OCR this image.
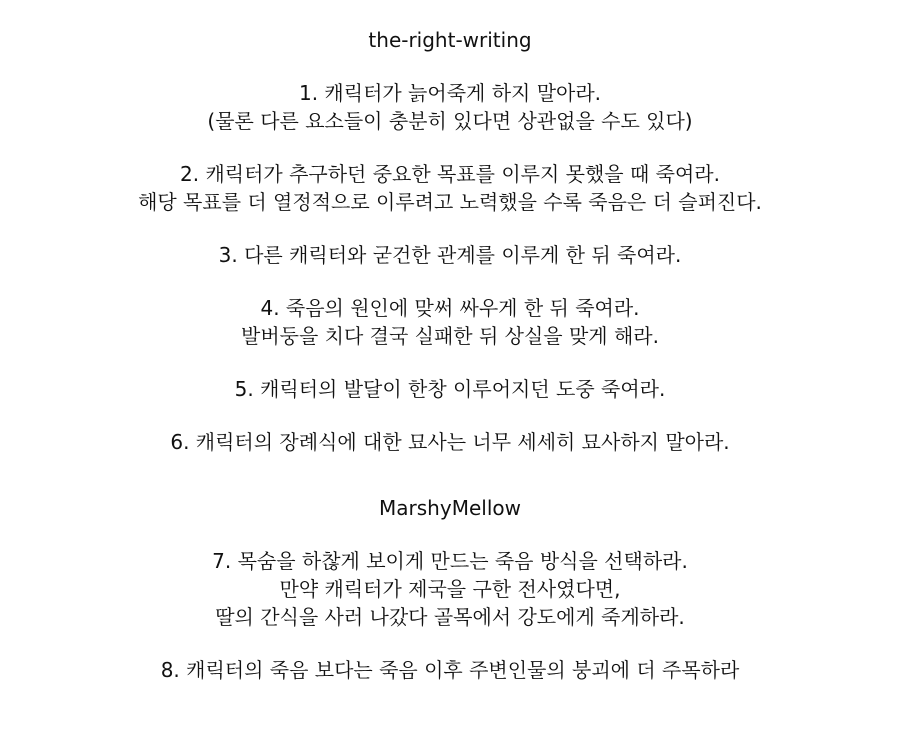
the-right-writing

1. 캐릭터가 늙어죽게 하지 말아라.
(물론 다른 요소들이 충분히 있다면 상관없을 수도 있다)
2. 캐릭터가 추구하던 중요한 목표를 이루지 못했을 때 죽여라.
해당 목표를 더 열정적으로 이루려고 노력했을 수록 죽음은 더 슬퍼진다.
3. 다른 캐릭터와 굳건한 관계를 이루게 한 뒤 죽여라.
4. 죽음의 원인에 맞써 싸우게 한 뒤 죽여라.
발버둥을 치다 결국 실패한 뒤 상실을 맞게 해라.
5. 캐릭터의 발달이 한창 이루어지던 도중 죽여라.
6. 캐릭터의 장례식에 대한 묘사는 너무 세세히 묘사하지 말아라.

MarshyMellow

7. 목숨을 하찮게 보이게 만드는 죽음 방식을 선택하라.
만약 캐릭터가 제국을 구한 전사였다면,
딸의 간식을 사러 나갔다 골목에서 강도에게 죽게하라.
8. 캐릭터의 죽음 보다는 죽음 이후 주변인물의 붕괴에 더 주목하라
